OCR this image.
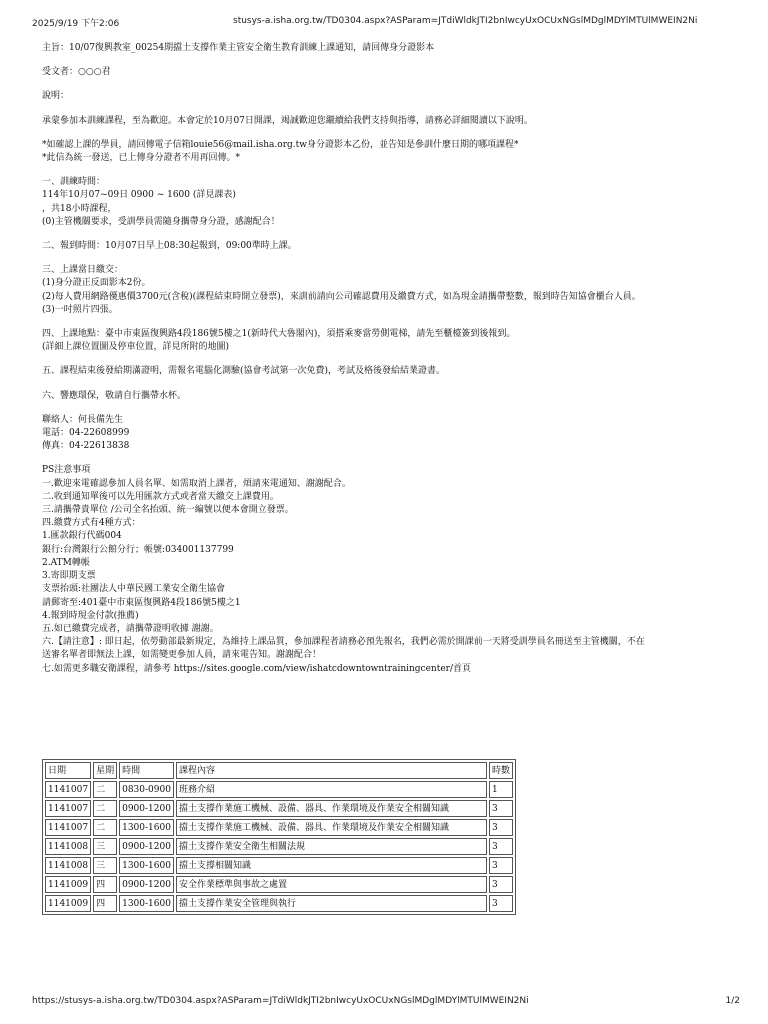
2025/9/19 下午2:06	stusys-a.isha.org.tw/TD0304.aspx?ASParam=JTdiWldkJTI2bnIwcyUxOCUxNGslMDglMDYlMTUlMWEIN2Ni
主旨：10/07復興教室_00254期擋土支撐作業主管安全衛生教育訓練上課通知，請回傳身分證影本
受文者：○○○君
說明：
承蒙參加本訓練課程，至為歡迎。本會定於10月07日開課，竭誠歡迎您繼續給我們支持與指導，請務必詳細閱讀以下說明。
*如確認上課的學員，請回傳電子信箱louie56@mail.isha.org.tw身分證影本乙份，並告知是參訓什麼日期的哪項課程*
*此信為統一發送，已上傳身分證者不用再回傳。*
一、訓練時間：
114年10月07~09日 0900 ~ 1600 (詳見課表)
，共18小時課程，
(0)主管機關要求，受訓學員需隨身攜帶身分證，感謝配合！
二、報到時間：10月07日早上08:30起報到，09:00準時上課。
三、上課當日繳交：
(1)身分證正反面影本2份。
(2)每人費用網路優惠價3700元(含稅)(課程結束時開立發票)，來訓前請向公司確認費用及繳費方式，如為現金請攜帶整數，報到時告知協會櫃台人員。
(3)一吋照片四張。
四、上課地點：臺中市東區復興路4段186號5樓之1(新時代大魯閣內)，須搭乘麥當勞側電梯，請先至櫃檯簽到後報到。
(詳細上課位置圖及停車位置，詳見所附的地圖)
五、課程結束後發給期滿證明，需報名電腦化測驗(協會考試第一次免費)，考試及格後發給結業證書。
六、響應環保，敬請自行攜帶水杯。
聯絡人：何長備先生
電話：04-22608999
傳真：04-22613838
PS注意事項
一.歡迎來電確認參加人員名單、如需取消上課者，煩請來電通知、謝謝配合。
二.收到通知單後可以先用匯款方式或者當天繳交上課費用。
三.請攜帶貴單位 /公司全名抬頭、統一編號以便本會開立發票。
四.繳費方式有4種方式：
1.匯款銀行代碼004
銀行:台灣銀行公館分行；帳號:034001137799
2.ATM轉帳
3.寄即期支票
支票抬頭:社團法人中華民國工業安全衛生協會
請郵寄至:401臺中市東區復興路4段186號5樓之1
4.報到時現金付款(推薦)
五.如已繳費完成者，請攜帶證明收據 謝謝。
六.【請注意】: 即日起，依勞動部最新規定，為維持上課品質，參加課程者請務必預先報名，我們必需於開課前一天將受訓學員名冊送至主管機關，不在
送審名單者即無法上課，如需變更參加人員，請來電告知。謝謝配合！
七.如需更多職安衛課程，請參考 https://sites.google.com/view/ishatcdowntowntrainingcenter/首頁
日期	星期	時間	課程內容	時數
1141007	二	0830-0900	班務介紹	1
1141007	二	0900-1200	擋土支撐作業施工機械、設備、器具、作業環境及作業安全相關知識	3
1141007	二	1300-1600	擋土支撐作業施工機械、設備、器具、作業環境及作業安全相關知識	3
1141008	三	0900-1200	擋土支撐作業安全衛生相關法規	3
1141008	三	1300-1600	擋土支撐相關知識	3
1141009	四	0900-1200	安全作業標準與事故之處置	3
1141009	四	1300-1600	擋土支撐作業安全管理與執行	3
https://stusys-a.isha.org.tw/TD0304.aspx?ASParam=JTdiWldkJTI2bnIwcyUxOCUxNGslMDglMDYlMTUlMWEIN2Ni	1/2
